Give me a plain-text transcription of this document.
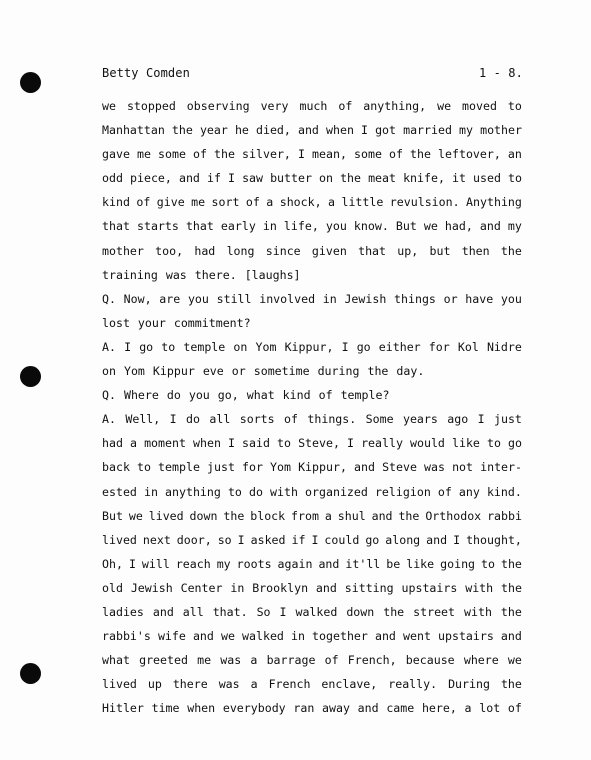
Betty Comden	1 - 8.
we stopped observing very much of anything, we moved to
Manhattan the year he died, and when I got married my mother
gave me some of the silver, I mean, some of the leftover, an
odd piece, and if I saw butter on the meat knife, it used to
kind of give me sort of a shock, a little revulsion. Anything
that starts that early in life, you know. But we had, and my
mother too, had long since given that up, but then the
training was there. [laughs]
Q. Now, are you still involved in Jewish things or have you
lost your commitment?
A. I go to temple on Yom Kippur, I go either for Kol Nidre
on Yom Kippur eve or sometime during the day.
Q. Where do you go, what kind of temple?
A. Well, I do all sorts of things. Some years ago I just
had a moment when I said to Steve, I really would like to go
back to temple just for Yom Kippur, and Steve was not inter-
ested in anything to do with organized religion of any kind.
But we lived down the block from a shul and the Orthodox rabbi
lived next door, so I asked if I could go along and I thought,
Oh, I will reach my roots again and it'll be like going to the
old Jewish Center in Brooklyn and sitting upstairs with the
ladies and all that. So I walked down the street with the
rabbi's wife and we walked in together and went upstairs and
what greeted me was a barrage of French, because where we
lived up there was a French enclave, really. During the
Hitler time when everybody ran away and came here, a lot of
